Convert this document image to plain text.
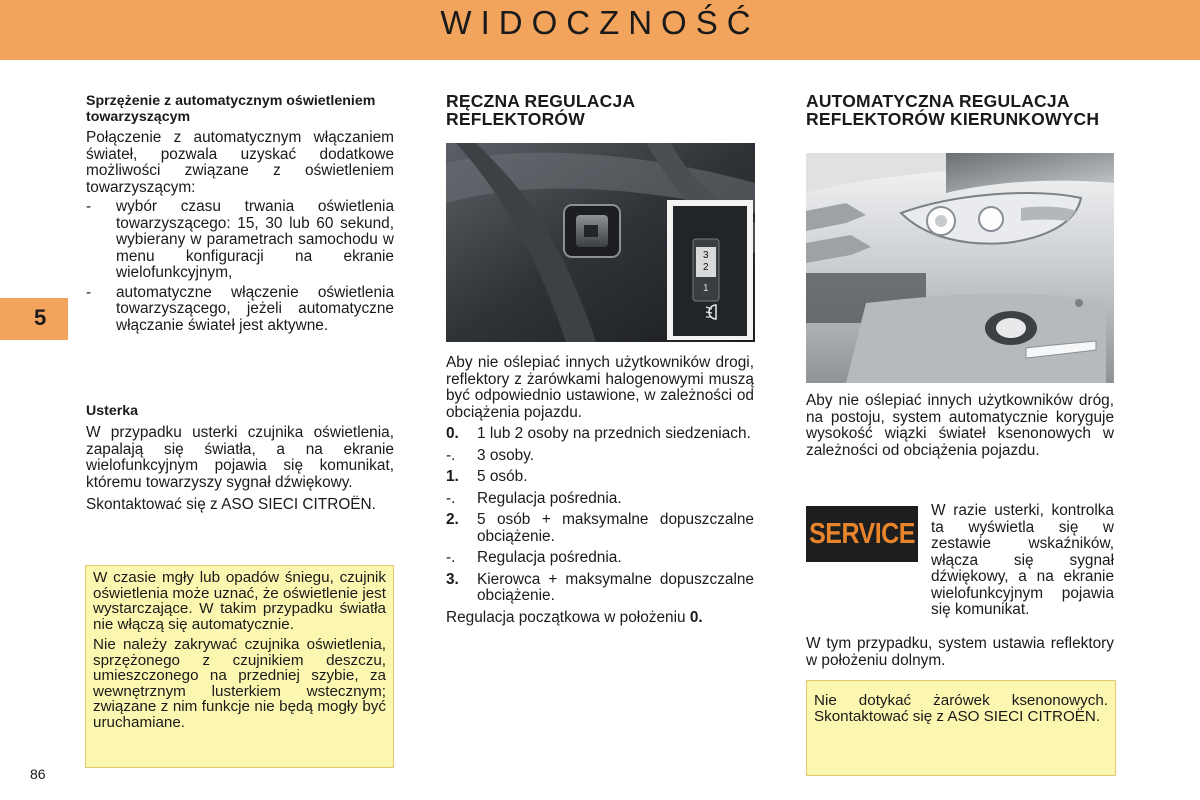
WIDOCZNOŚĆ
5
Sprzężenie z automatycznym oświetleniem towarzyszącym

Połączenie z automatycznym włączaniem świateł, pozwala uzyskać dodatkowe możliwości związane z oświetleniem towarzyszącym:

- wybór czasu trwania oświetlenia towarzyszącego: 15, 30 lub 60 sekund, wybierany w parametrach samochodu w menu konfiguracji na ekranie wielofunkcyjnym,
- automatyczne włączenie oświetlenia towarzyszącego, jeżeli automatyczne włączanie świateł jest aktywne.
Usterka

W przypadku usterki czujnika oświetlenia, zapalają się światła, a na ekranie wielofunkcyjnym pojawia się komunikat, któremu towarzyszy sygnał dźwiękowy.

Skontaktować się z ASO SIECI CITROËN.

W czasie mgły lub opadów śniegu, czujnik oświetlenia może uznać, że oświetlenie jest wystarczające. W takim przypadku światła nie włączą się automatycznie.

Nie należy zakrywać czujnika oświetlenia, sprzężonego z czujnikiem deszczu, umieszczonego na przedniej szybie, za wewnętrznym lusterkiem wstecznym; związane z nim funkcje nie będą mogły być uruchamiane.

RĘCZNA REGULACJA REFLEKTORÓW
3
2
1

Aby nie oślepiać innych użytkowników drogi, reflektory z żarówkami halogenowymi muszą być odpowiednio ustawione, w zależności od obciążenia pojazdu.

0. 1 lub 2 osoby na przednich siedzeniach.
-. 3 osoby.
1. 5 osób.
-. Regulacja pośrednia.
2. 5 osób + maksymalne dopuszczalne obciążenie.
-. Regulacja pośrednia.
3. Kierowca + maksymalne dopuszczalne obciążenie.

Regulacja początkowa w położeniu 0.

AUTOMATYCZNA REGULACJA REFLEKTORÓW KIERUNKOWYCH

Aby nie oślepiać innych użytkowników dróg, na postoju, system automatycznie koryguje wysokość wiązki świateł ksenonowych w zależności od obciążenia pojazdu.

SERVICE

W razie usterki, kontrolka ta wyświetla się w zestawie wskaźników, włącza się sygnał dźwiękowy, a na ekranie wielofunkcyjnym pojawia się komunikat.

W tym przypadku, system ustawia reflektory w położeniu dolnym.

Nie dotykać żarówek ksenonowych. Skontaktować się z ASO SIECI CITROËN.

86
